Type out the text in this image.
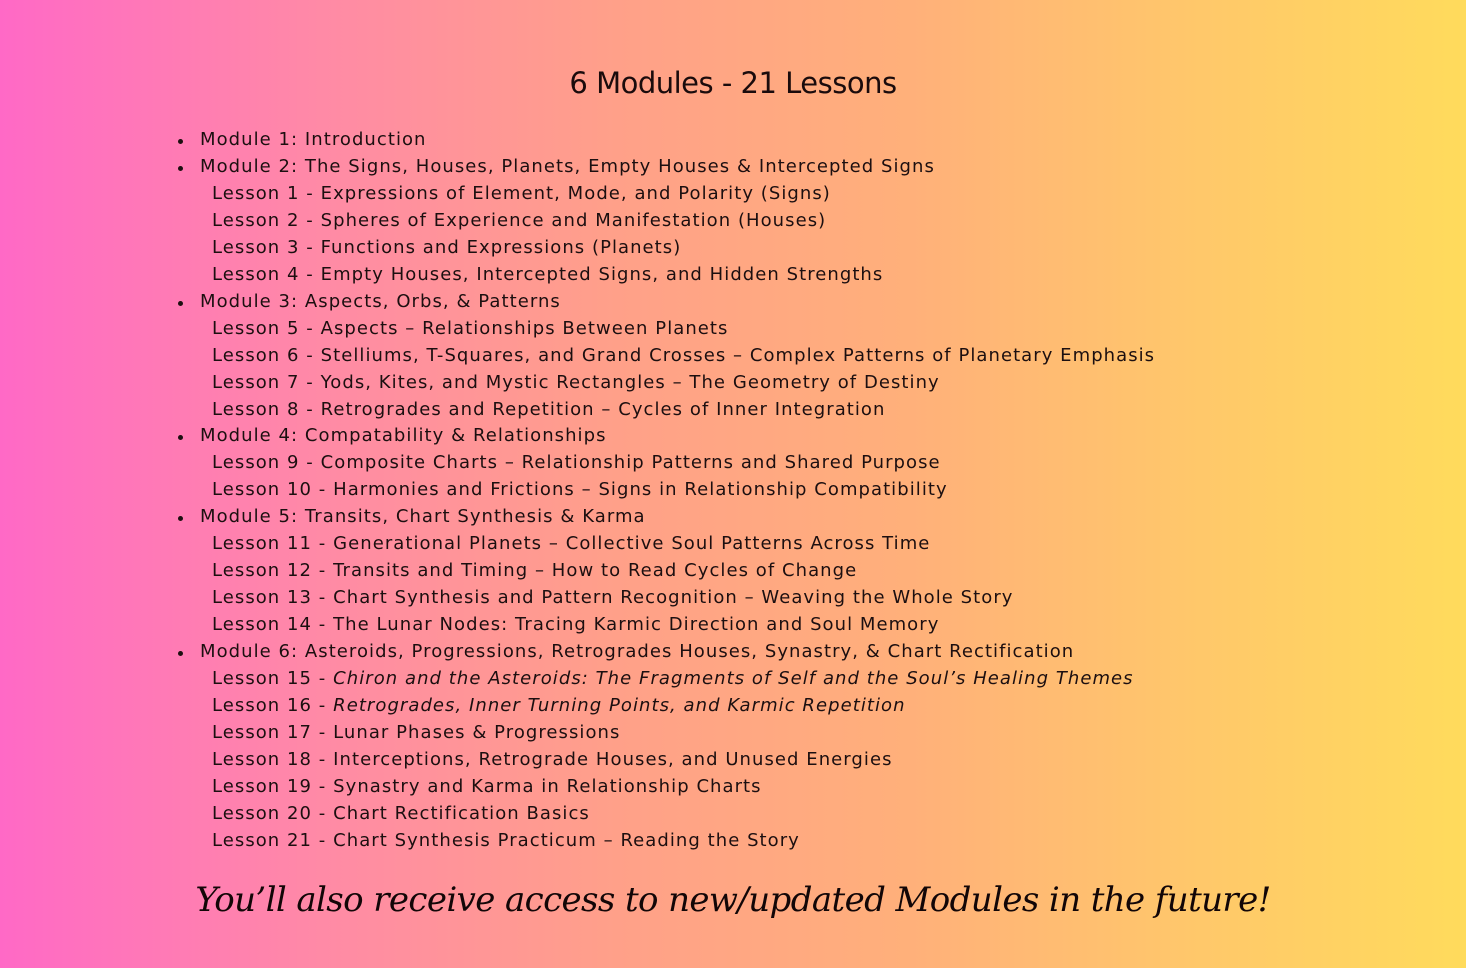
6 Modules - 21 Lessons
Module 1: Introduction
Module 2: The Signs, Houses, Planets, Empty Houses & Intercepted Signs
Lesson 1 - Expressions of Element, Mode, and Polarity (Signs)
Lesson 2 - Spheres of Experience and Manifestation (Houses)
Lesson 3 - Functions and Expressions (Planets)
Lesson 4 - Empty Houses, Intercepted Signs, and Hidden Strengths
Module 3: Aspects, Orbs, & Patterns
Lesson 5 - Aspects – Relationships Between Planets
Lesson 6 - Stelliums, T-Squares, and Grand Crosses – Complex Patterns of Planetary Emphasis
Lesson 7 - Yods, Kites, and Mystic Rectangles – The Geometry of Destiny
Lesson 8 - Retrogrades and Repetition – Cycles of Inner Integration
Module 4: Compatability & Relationships
Lesson 9 - Composite Charts – Relationship Patterns and Shared Purpose
Lesson 10 - Harmonies and Frictions – Signs in Relationship Compatibility
Module 5: Transits, Chart Synthesis & Karma
Lesson 11 - Generational Planets – Collective Soul Patterns Across Time
Lesson 12 - Transits and Timing – How to Read Cycles of Change
Lesson 13 - Chart Synthesis and Pattern Recognition – Weaving the Whole Story
Lesson 14 - The Lunar Nodes: Tracing Karmic Direction and Soul Memory
Module 6: Asteroids, Progressions, Retrogrades Houses, Synastry, & Chart Rectification
Lesson 15 - Chiron and the Asteroids: The Fragments of Self and the Soul’s Healing Themes
Lesson 16 - Retrogrades, Inner Turning Points, and Karmic Repetition
Lesson 17 - Lunar Phases & Progressions
Lesson 18 - Interceptions, Retrograde Houses, and Unused Energies
Lesson 19 - Synastry and Karma in Relationship Charts
Lesson 20 - Chart Rectification Basics
Lesson 21 - Chart Synthesis Practicum – Reading the Story

You’ll also receive access to new/updated Modules in the future!
